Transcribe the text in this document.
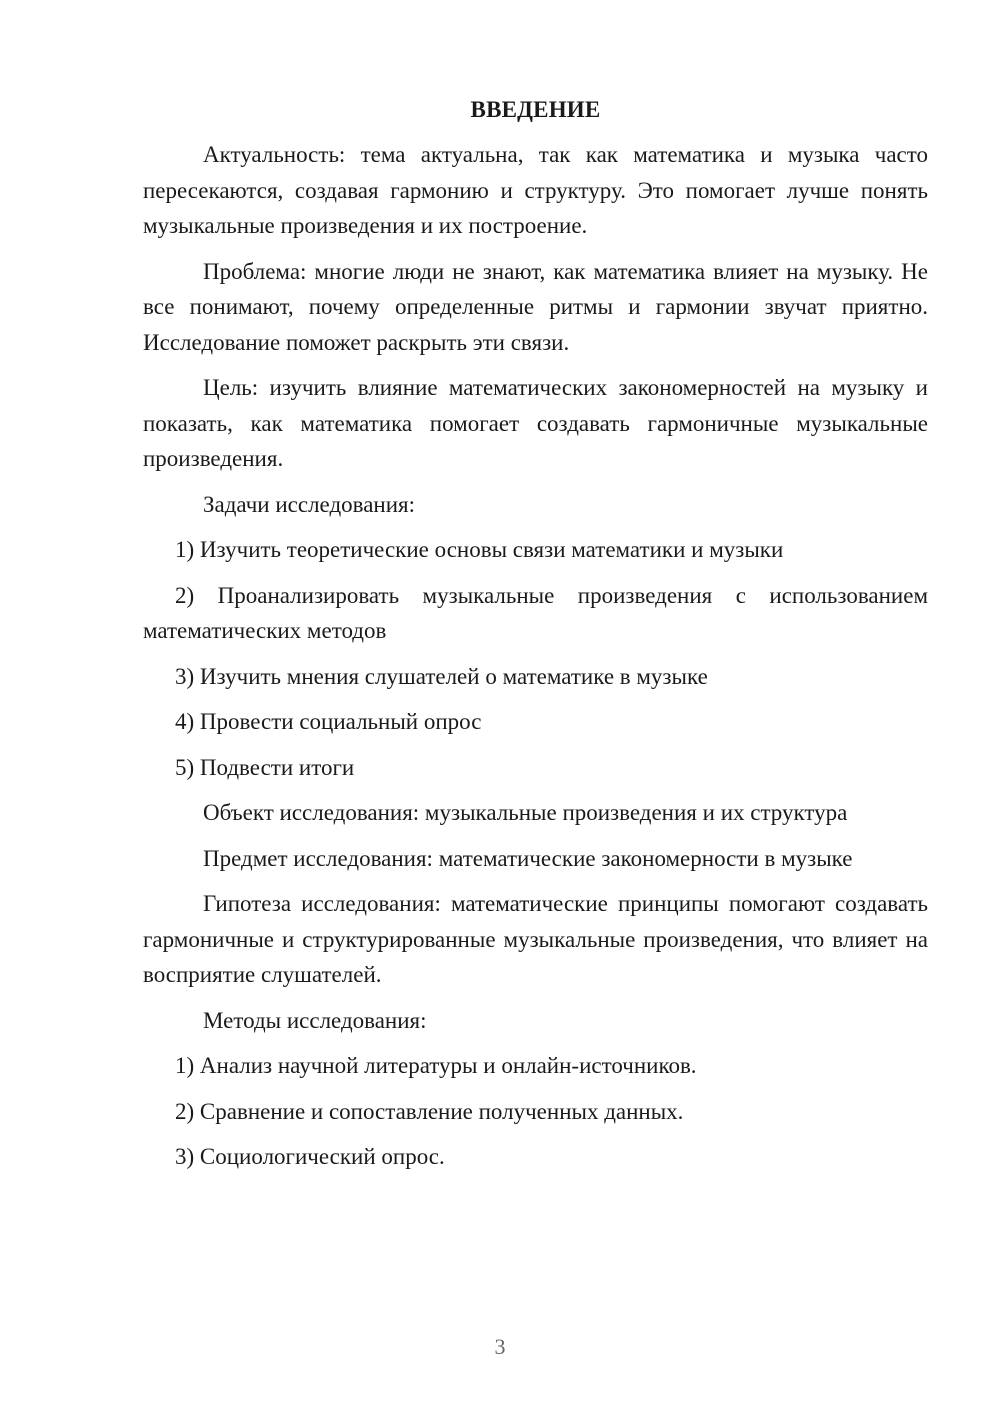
ВВЕДЕНИЕ

Актуальность: тема актуальна, так как математика и музыка часто пересекаются, создавая гармонию и структуру. Это помогает лучше понять музыкальные произведения и их построение.

Проблема: многие люди не знают, как математика влияет на музыку. Не все понимают, почему определенные ритмы и гармонии звучат приятно. Исследование поможет раскрыть эти связи.

Цель: изучить влияние математических закономерностей на музыку и показать, как математика помогает создавать гармоничные музыкальные произведения.

Задачи исследования:

1) Изучить теоретические основы связи математики и музыки

2) Проанализировать музыкальные произведения с использованием математических методов

3) Изучить мнения слушателей о математике в музыке

4) Провести социальный опрос

5) Подвести итоги

Объект исследования: музыкальные произведения и их структура

Предмет исследования: математические закономерности в музыке

Гипотеза исследования: математические принципы помогают создавать гармоничные и структурированные музыкальные произведения, что влияет на восприятие слушателей.

Методы исследования:

1) Анализ научной литературы и онлайн-источников.

2) Сравнение и сопоставление полученных данных.

3) Социологический опрос.

3
